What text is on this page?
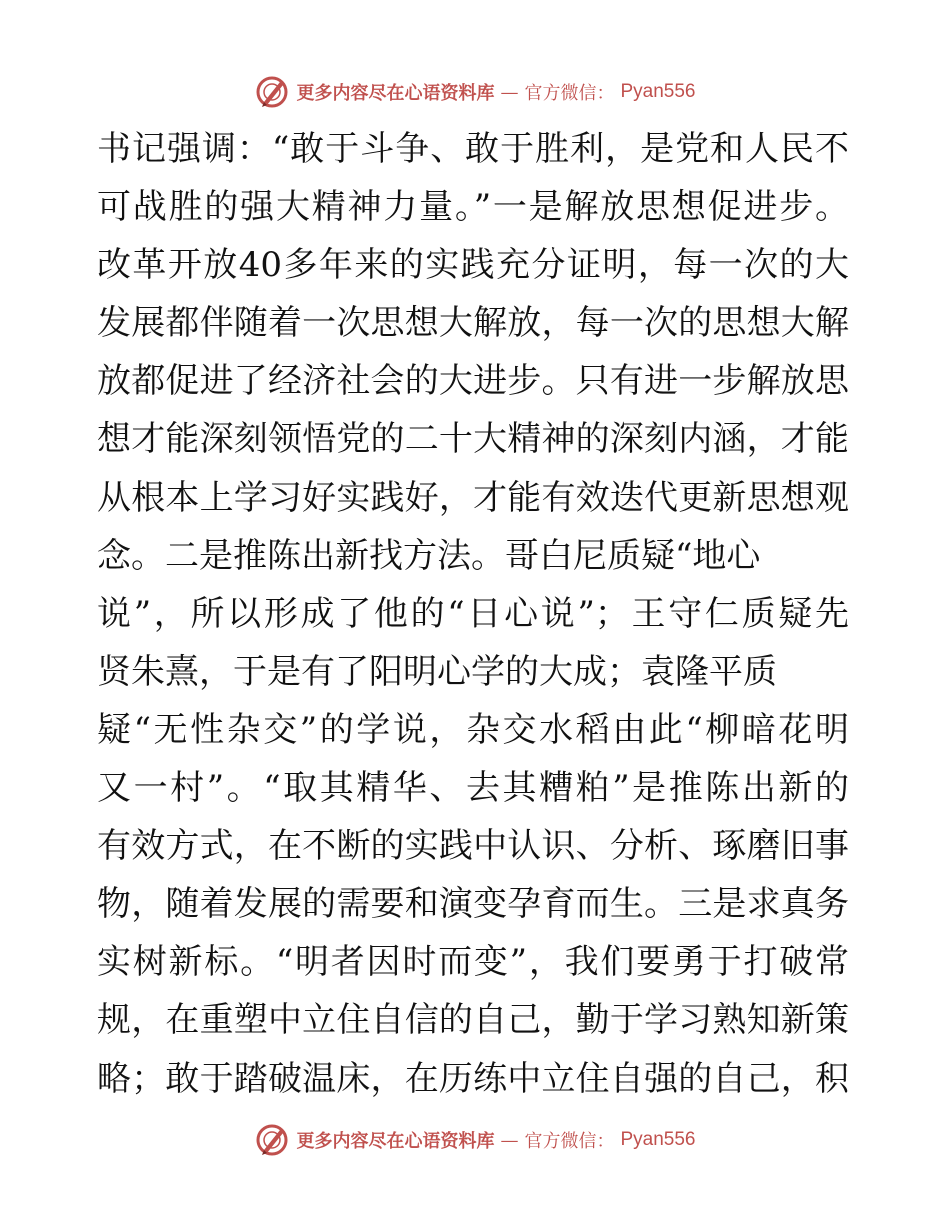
更多内容尽在心语资料库 — 官方微信： Pyan556
书记强调：“敢于斗争、敢于胜利，是党和人民不
可战胜的强大精神力量。”一是解放思想促进步。
改革开放40多年来的实践充分证明，每一次的大
发展都伴随着一次思想大解放，每一次的思想大解
放都促进了经济社会的大进步。只有进一步解放思
想才能深刻领悟党的二十大精神的深刻内涵，才能
从根本上学习好实践好，才能有效迭代更新思想观
念。二是推陈出新找方法。哥白尼质疑“地心
说”，所以形成了他的“日心说”；王守仁质疑先
贤朱熹，于是有了阳明心学的大成；袁隆平质
疑“无性杂交”的学说，杂交水稻由此“柳暗花明
又一村”。“取其精华、去其糟粕”是推陈出新的
有效方式，在不断的实践中认识、分析、琢磨旧事
物，随着发展的需要和演变孕育而生。三是求真务
实树新标。“明者因时而变”，我们要勇于打破常
规，在重塑中立住自信的自己，勤于学习熟知新策
略；敢于踏破温床，在历练中立住自强的自己，积
更多内容尽在心语资料库 — 官方微信： Pyan556
